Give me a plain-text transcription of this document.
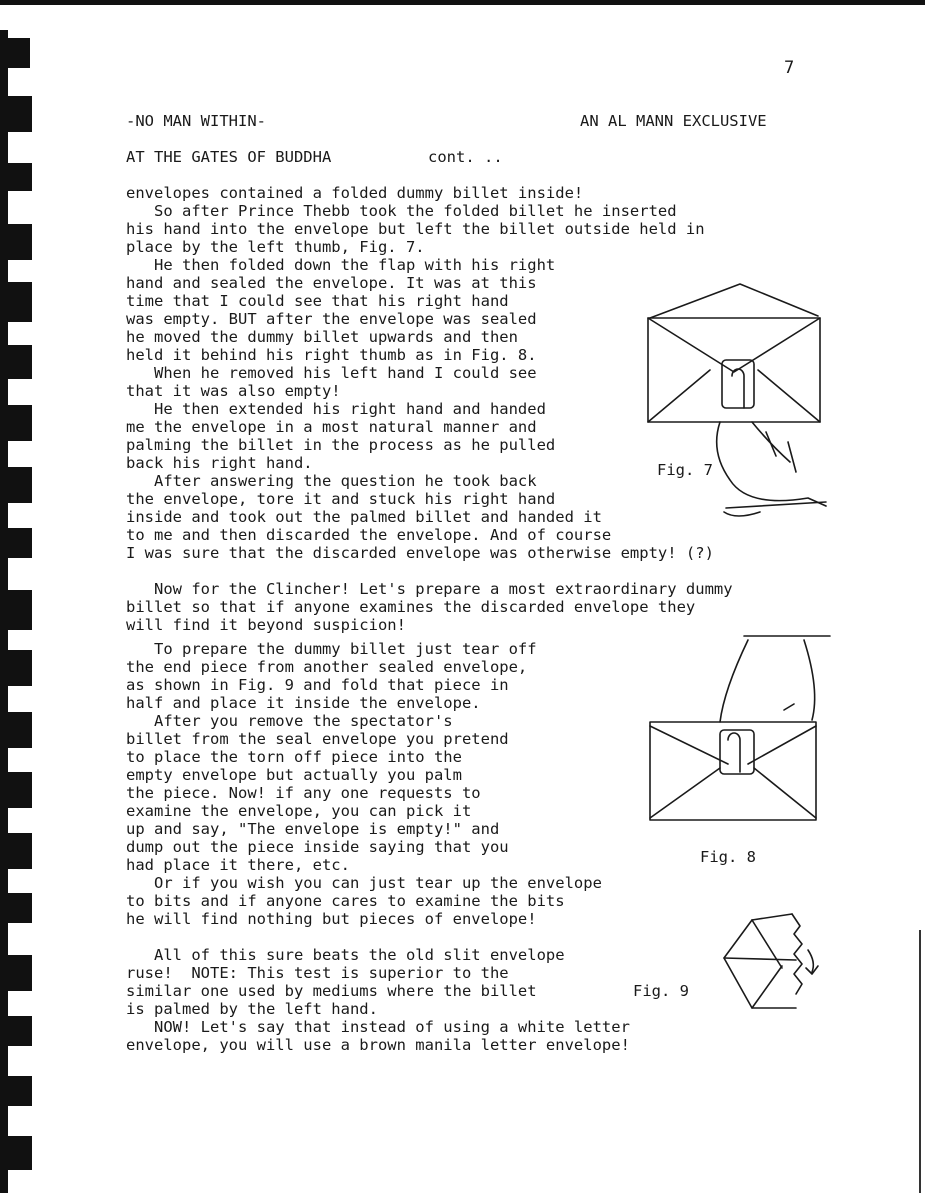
7
-NO MAN WITHIN-	AN AL MANN EXCLUSIVE
AT THE GATES OF BUDDHA	cont. ..
envelopes contained a folded dummy billet inside!
So after Prince Thebb took the folded billet he inserted
his hand into the envelope but left the billet outside held in
place by the left thumb, Fig. 7.
He then folded down the flap with his right
hand and sealed the envelope. It was at this
time that I could see that his right hand
was empty. BUT after the envelope was sealed
he moved the dummy billet upwards and then
held it behind his right thumb as in Fig. 8.
When he removed his left hand I could see
that it was also empty!
He then extended his right hand and handed
me the envelope in a most natural manner and
palming the billet in the process as he pulled
back his right hand.
After answering the question he took back
the envelope, tore it and stuck his right hand
inside and took out the palmed billet and handed it
to me and then discarded the envelope. And of course
I was sure that the discarded envelope was otherwise empty! (?)
Now for the Clincher! Let's prepare a most extraordinary dummy
billet so that if anyone examines the discarded envelope they
will find it beyond suspicion!
To prepare the dummy billet just tear off
the end piece from another sealed envelope,
as shown in Fig. 9 and fold that piece in
half and place it inside the envelope.
After you remove the spectator's
billet from the seal envelope you pretend
to place the torn off piece into the
empty envelope but actually you palm
the piece. Now! if any one requests to
examine the envelope, you can pick it
up and say, "The envelope is empty!" and
dump out the piece inside saying that you
had place it there, etc.
Or if you wish you can just tear up the envelope
to bits and if anyone cares to examine the bits
he will find nothing but pieces of envelope!
All of this sure beats the old slit envelope
ruse!  NOTE: This test is superior to the
similar one used by mediums where the billet
is palmed by the left hand.
NOW! Let's say that instead of using a white letter
envelope, you will use a brown manila letter envelope!
Fig. 7
Fig. 8
Fig. 9
